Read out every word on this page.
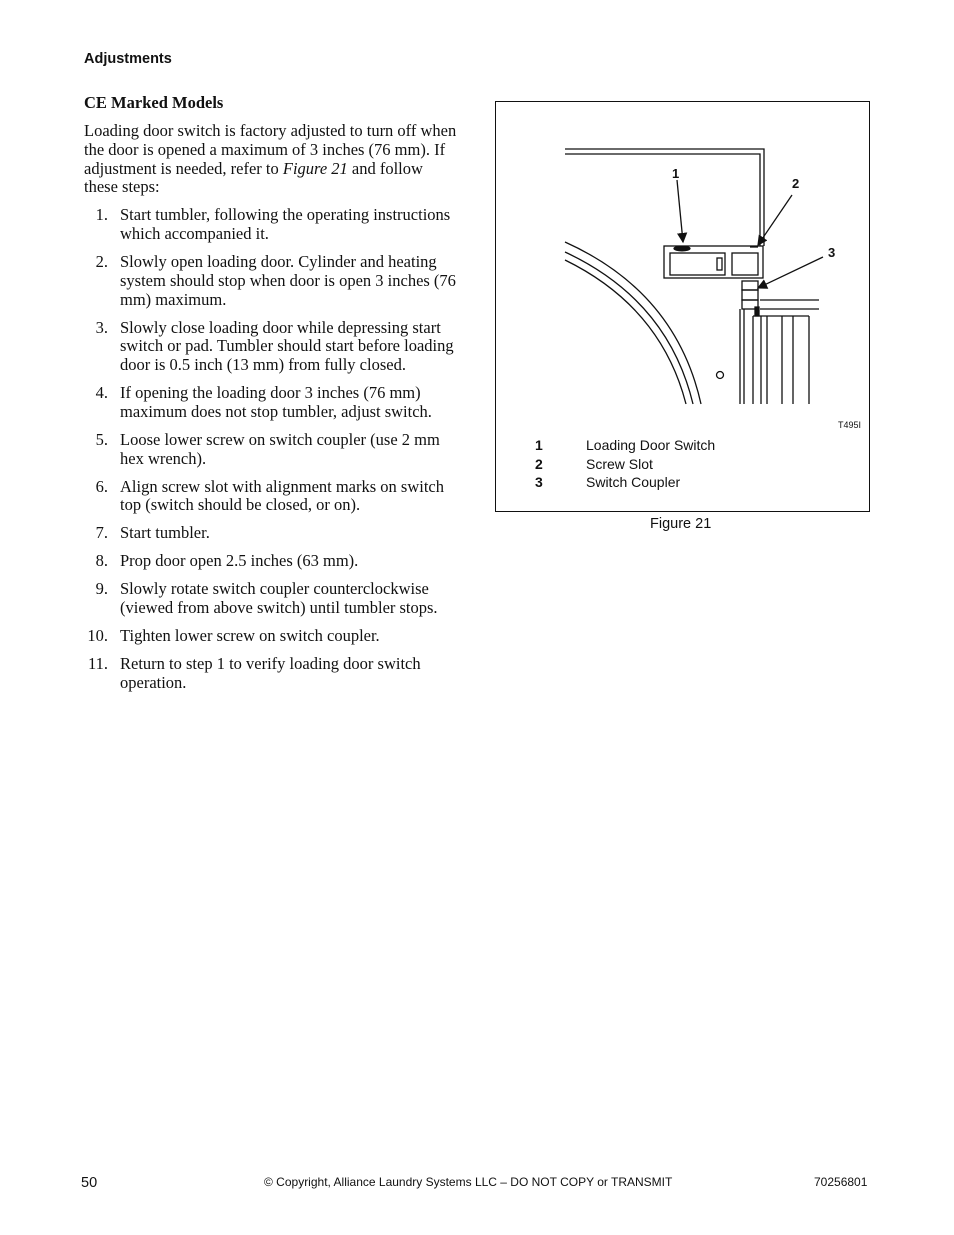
Adjustments
CE Marked Models

Loading door switch is factory adjusted to turn off when the door is opened a maximum of 3 inches (76 mm). If adjustment is needed, refer to Figure 21 and follow these steps:

1. Start tumbler, following the operating instructions which accompanied it.
2. Slowly open loading door. Cylinder and heating system should stop when door is open 3 inches (76 mm) maximum.
3. Slowly close loading door while depressing start switch or pad. Tumbler should start before loading door is 0.5 inch (13 mm) from fully closed.
4. If opening the loading door 3 inches (76 mm) maximum does not stop tumbler, adjust switch.
5. Loose lower screw on switch coupler (use 2 mm hex wrench).
6. Align screw slot with alignment marks on switch top (switch should be closed, or on).
7. Start tumbler.
8. Prop door open 2.5 inches (63 mm).
9. Slowly rotate switch coupler counterclockwise (viewed from above switch) until tumbler stops.
10. Tighten lower screw on switch coupler.
11. Return to step 1 to verify loading door switch operation.
1
2
3
T495I
1	Loading Door Switch
2	Screw Slot
3	Switch Coupler
Figure 21
50	© Copyright, Alliance Laundry Systems LLC – DO NOT COPY or TRANSMIT	70256801
